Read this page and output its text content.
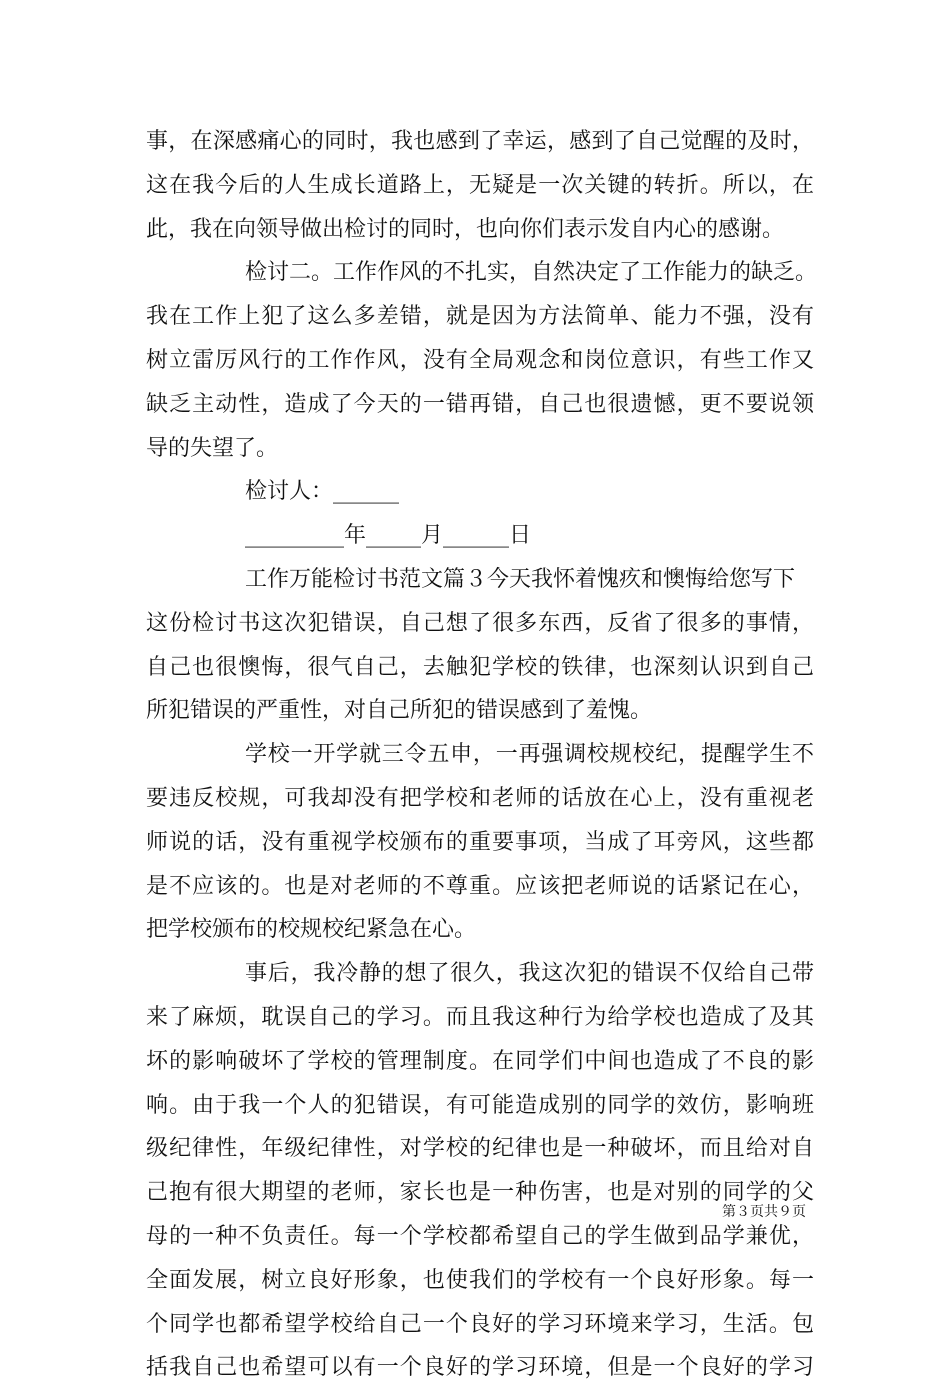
事，在深感痛心的同时，我也感到了幸运，感到了自己觉醒的及时，
这在我今后的人生成长道路上，无疑是一次关键的转折。所以，在
此，我在向领导做出检讨的同时，也向你们表示发自内心的感谢。
检讨二。工作作风的不扎实，自然决定了工作能力的缺乏。
我在工作上犯了这么多差错，就是因为方法简单、能力不强，没有
树立雷厉风行的工作作风，没有全局观念和岗位意识，有些工作又
缺乏主动性，造成了今天的一错再错，自己也很遗憾，更不要说领
导的失望了。
检讨人：______
_________年_____月______日
工作万能检讨书范文篇３今天我怀着愧疚和懊悔给您写下
这份检讨书这次犯错误，自己想了很多东西，反省了很多的事情，
自己也很懊悔，很气自己，去触犯学校的铁律，也深刻认识到自己
所犯错误的严重性，对自己所犯的错误感到了羞愧。
学校一开学就三令五申，一再强调校规校纪，提醒学生不
要违反校规，可我却没有把学校和老师的话放在心上，没有重视老
师说的话，没有重视学校颁布的重要事项，当成了耳旁风，这些都
是不应该的。也是对老师的不尊重。应该把老师说的话紧记在心，
把学校颁布的校规校纪紧急在心。
事后，我冷静的想了很久，我这次犯的错误不仅给自己带
来了麻烦，耽误自己的学习。而且我这种行为给学校也造成了及其
坏的影响破坏了学校的管理制度。在同学们中间也造成了不良的影
响。由于我一个人的犯错误，有可能造成别的同学的效仿，影响班
级纪律性，年级纪律性，对学校的纪律也是一种破坏，而且给对自
己抱有很大期望的老师，家长也是一种伤害，也是对别的同学的父
母的一种不负责任。每一个学校都希望自己的学生做到品学兼优，
全面发展，树立良好形象，也使我们的学校有一个良好形象。每一
个同学也都希望学校给自己一个良好的学习环境来学习，生活。包
括我自己也希望可以有一个良好的学习环境，但是一个良好的学习
第３页共９页
